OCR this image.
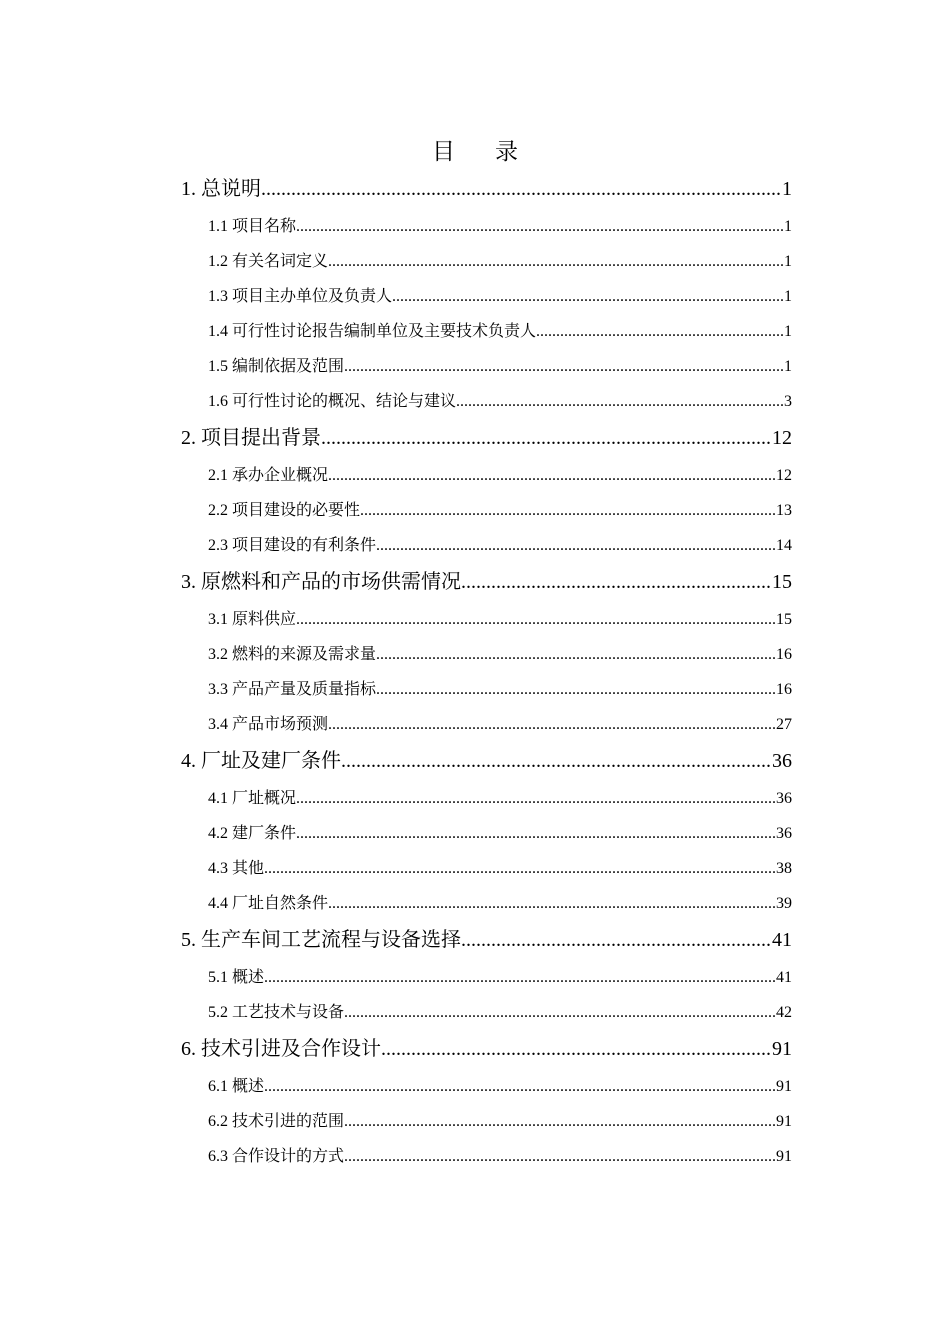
目 录
1. 总说明 .....	1
1.1 项目名称 .....	1
1.2 有关名词定义 .....	1
1.3 项目主办单位及负责人 .....	1
1.4 可行性讨论报告编制单位及主要技术负责人 .....	1
1.5 编制依据及范围 .....	1
1.6 可行性讨论的概况、结论与建议 .....	3
2. 项目提出背景 .....	12
2.1 承办企业概况 .....	12
2.2 项目建设的必要性 .....	13
2.3 项目建设的有利条件 .....	14
3. 原燃料和产品的市场供需情况 .....	15
3.1 原料供应 .....	15
3.2 燃料的来源及需求量 .....	16
3.3 产品产量及质量指标 .....	16
3.4 产品市场预测 .....	27
4. 厂址及建厂条件 .....	36
4.1 厂址概况 .....	36
4.2 建厂条件 .....	36
4.3 其他 .....	38
4.4 厂址自然条件 .....	39
5. 生产车间工艺流程与设备选择 .....	41
5.1 概述 .....	41
5.2 工艺技术与设备 .....	42
6. 技术引进及合作设计 .....	91
6.1 概述 .....	91
6.2 技术引进的范围 .....	91
6.3 合作设计的方式 .....	91
